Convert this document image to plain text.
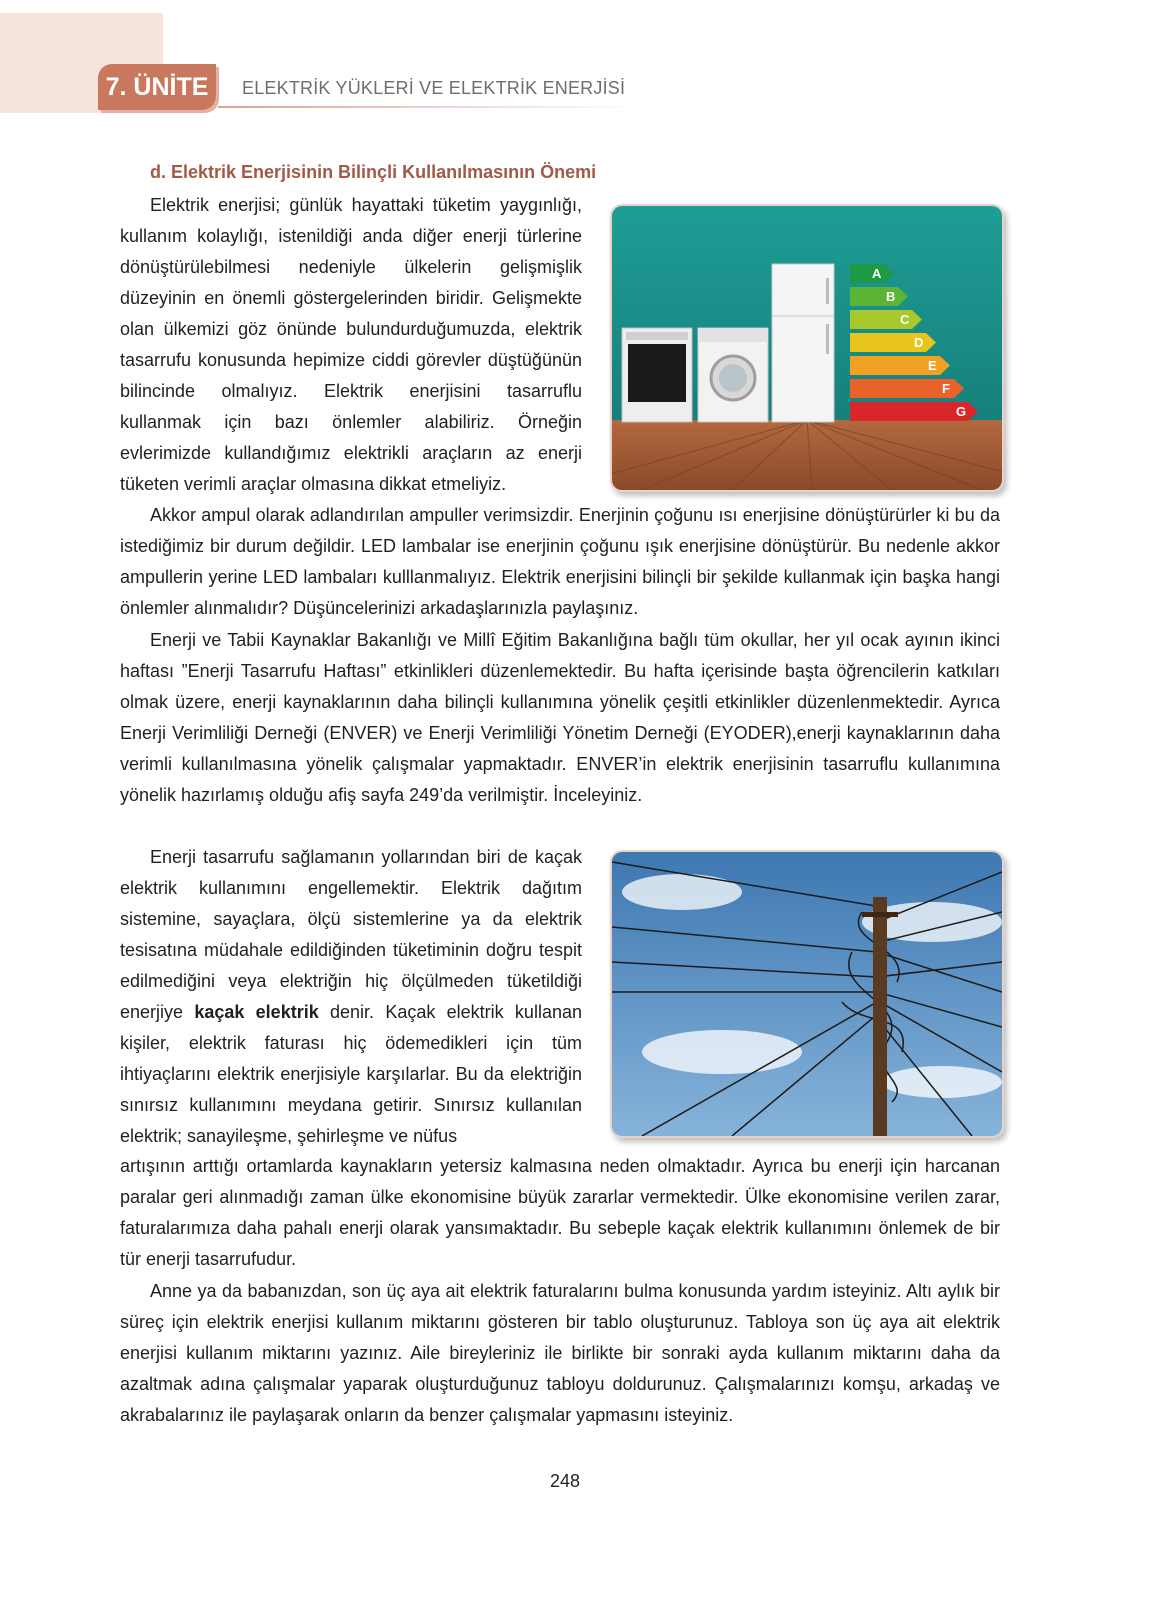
7. ÜNİTE	ELEKTRİK YÜKLERİ VE ELEKTRİK ENERJİSİ
d. Elektrik Enerjisinin Bilinçli Kullanılmasının Önemi

Elektrik enerjisi; günlük hayattaki tüketim yaygınlığı, kullanım kolaylığı, istenildiği anda diğer enerji türlerine dönüştürülebilmesi nedeniyle ülkelerin gelişmişlik düzeyinin en önemli göstergelerinden biridir. Gelişmekte olan ülkemizi göz önünde bulundurduğumuzda, elektrik tasarrufu konusunda hepimize ciddi görevler düştüğünün bilincinde olmalıyız. Elektrik enerjisini tasarruflu kullanmak için bazı önlemler alabiliriz. Örneğin evlerimizde kullandığımız elektrikli araçların az enerji tüketen verimli araçlar olmasına dikkat etmeliyiz.

A
B
C
D
E
F
G

Akkor ampul olarak adlandırılan ampuller verimsizdir. Enerjinin çoğunu ısı enerjisine dönüştürürler ki bu da istediğimiz bir durum değildir. LED lambalar ise enerjinin çoğunu ışık enerjisine dönüştürür. Bu nedenle akkor ampullerin yerine LED lambaları kulllanmalıyız. Elektrik enerjisini bilinçli bir şekilde kullanmak için başka hangi önlemler alınmalıdır? Düşüncelerinizi arkadaşlarınızla paylaşınız.

Enerji ve Tabii Kaynaklar Bakanlığı ve Millî Eğitim Bakanlığına bağlı tüm okullar, her yıl ocak ayının ikinci haftası ”Enerji Tasarrufu Haftası” etkinlikleri düzenlemektedir. Bu hafta içerisinde başta öğrencilerin katkıları olmak üzere, enerji kaynaklarının daha bilinçli kullanımına yönelik çeşitli etkinlikler düzenlenmektedir. Ayrıca Enerji Verimliliği Derneği (ENVER) ve Enerji Verimliliği Yönetim Derneği (EYODER),enerji kaynaklarının daha verimli kullanılmasına yönelik çalışmalar yapmaktadır. ENVER’in elektrik enerjisinin tasarruflu kullanımına yönelik hazırlamış olduğu afiş sayfa 249’da verilmiştir. İnceleyiniz.

Enerji tasarrufu sağlamanın yollarından biri de kaçak elektrik kullanımını engellemektir. Elektrik dağıtım sistemine, sayaçlara, ölçü sistemlerine ya da elektrik tesisatına müdahale edildiğinden tüketiminin doğru tespit edilmediğini veya elektriğin hiç ölçülmeden tüketildiği enerjiye kaçak elektrik denir. Kaçak elektrik kullanan kişiler, elektrik faturası hiç ödemedikleri için tüm ihtiyaçlarını elektrik enerjisiyle karşılarlar. Bu da elektriğin sınırsız kullanımını meydana getirir. Sınırsız kullanılan elektrik; sanayileşme, şehirleşme ve nüfus

artışının arttığı ortamlarda kaynakların yetersiz kalmasına neden olmaktadır. Ayrıca bu enerji için harcanan paralar geri alınmadığı zaman ülke ekonomisine büyük zararlar vermektedir. Ülke ekonomisine verilen zarar, faturalarımıza daha pahalı enerji olarak yansımaktadır. Bu sebeple kaçak elektrik kullanımını önlemek de bir tür enerji tasarrufudur.

Anne ya da babanızdan, son üç aya ait elektrik faturalarını bulma konusunda yardım isteyiniz. Altı aylık bir süreç için elektrik enerjisi kullanım miktarını gösteren bir tablo oluşturunuz. Tabloya son üç aya ait elektrik enerjisi kullanım miktarını yazınız. Aile bireyleriniz ile birlikte bir sonraki ayda kullanım miktarını daha da azaltmak adına çalışmalar yaparak oluşturduğunuz tabloyu doldurunuz. Çalışmalarınızı komşu, arkadaş ve akrabalarınız ile paylaşarak onların da benzer çalışmalar yapmasını isteyiniz.

248
